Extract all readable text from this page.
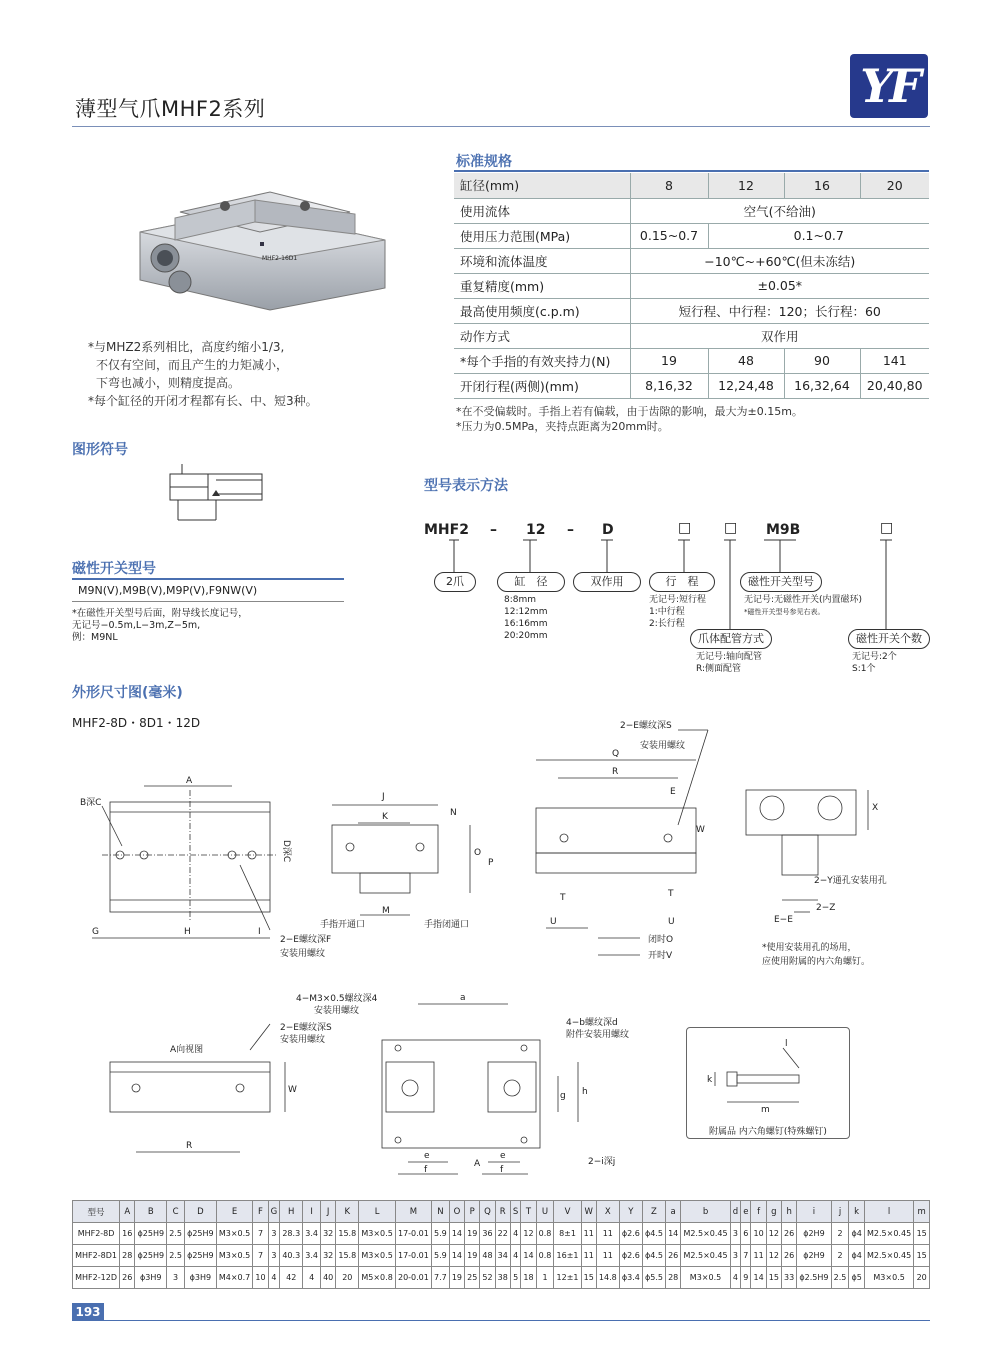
薄型气爪MHF2系列	YF
MHF2-16D1
*与MHZ2系列相比，高度约缩小1/3,
不仅有空间，而且产生的力矩减小，
下弯也减小，则精度提高。
*每个缸径的开闭才程都有长、中、短3种。
标准规格
缸径(mm)	8	12	16	20
使用流体	空气(不给油)			
使用压力范围(MPa)	0.15~0.7	0.1~0.7		
环境和流体温度	−10℃~+60℃(但未冻结)			
重复精度(mm)	±0.05*			
最高使用频度(c.p.m)	短行程、中行程：120；长行程：60			
动作方式	双作用			
*每个手指的有效夹持力(N)	19	48	90	141
开闭行程(两侧)(mm)	8,16,32	12,24,48	16,32,64	20,40,80
*在不受偏载时。手指上若有偏载，由于齿隙的影响，最大为±0.15m。
*压力为0.5MPa，夹持点距离为20mm时。
图形符号
磁性开关型号
M9N(V),M9B(V),M9P(V),F9NW(V)
*在磁性开关型号后面，附导线长度记号，
无记号−0.5m,L−3m,Z−5m,
例：M9NL
型号表示方法
MHF2 – 12 – D	□ □ M9B	□
2爪	缸　径	双作用	行　程	磁性开关型号
8:8mm
12:12mm
16:16mm
20:20mm
无记号:短行程
1:中行程
2:长行程
无记号:无磁性开关(内置磁环)
*磁性开关型号参见右表。
爪体配管方式	磁性开关个数
无记号:轴向配管
R:侧面配管
无记号:2个
S:1个
外形尺寸图(毫米)
MHF2-8D・8D1・12D
A
G	H	I
B深C
D深C
2−E螺纹深F
安装用螺纹
J
K
M
O
P
N
手指开通口	手指闭通口
Q
R
E
W
T	T
U	U
2−E螺纹深S
安装用螺纹
闭时O
开时V
X
E−E
2−Z
2−Y通孔安装用孔
*使用安装用孔的场用，
应使用附属的内六角螺钉。
R
W
A向视图
2−E螺纹深S
安装用螺纹
4−M3×0.5螺纹深4
安装用螺纹
a
g h
e
f
e
f
A
4−b螺纹深d
附件安装用螺纹
2−i深j
k
l
m
附属品 内六角螺钉(特殊螺钉)
型号	A	B	C	D	E	F	G	H	I	J	K	L	M	N	O	P	Q	R	S	T	U	V	W	X	Y	Z	a	b	d	e	f	g	h	i	j	k	l	m
MHF2-8D	16	ϕ25H9	2.5	ϕ25H9	M3×0.5	7	3	28.3	3.4	32	15.8	M3×0.5	17-0.01	5.9	14	19	36	22	4	12	0.8	8±1	11	11	ϕ2.6	ϕ4.5	14	M2.5×0.45	3	6	10	12	26	ϕ2H9	2	ϕ4	M2.5×0.45	15
MHF2-8D1	28	ϕ25H9	2.5	ϕ25H9	M3×0.5	7	3	40.3	3.4	32	15.8	M3×0.5	17-0.01	5.9	14	19	48	34	4	14	0.8	16±1	11	11	ϕ2.6	ϕ4.5	26	M2.5×0.45	3	7	11	12	26	ϕ2H9	2	ϕ4	M2.5×0.45	15
MHF2-12D	26	ϕ3H9	3	ϕ3H9	M4×0.7	10	4	42	4	40	20	M5×0.8	20-0.01	7.7	19	25	52	38	5	18	1	12±1	15	14.8	ϕ3.4	ϕ5.5	28	M3×0.5	4	9	14	15	33	ϕ2.5H9	2.5	ϕ5	M3×0.5	20
193
